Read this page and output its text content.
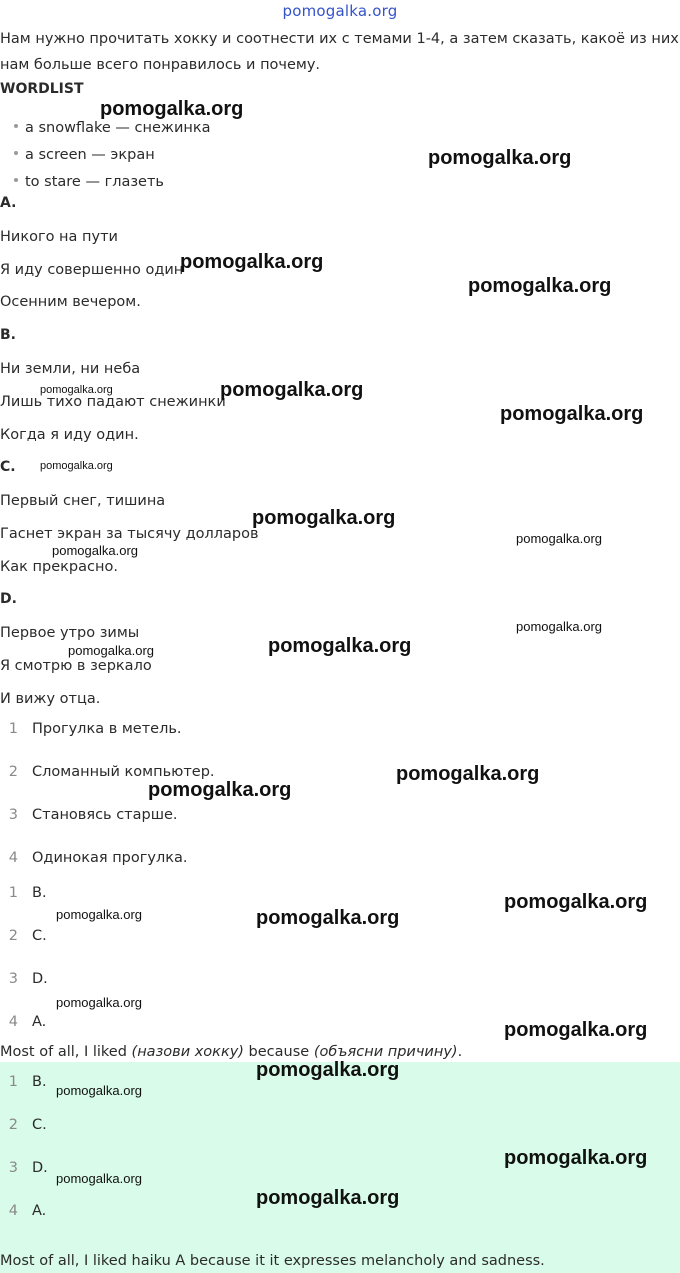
pomogalka.org
Нам нужно прочитать хокку и соотнести их с темами 1-4, а затем сказать, какоё из них
нам больше всего понравилось и почему.
WORDLIST
a snowflake — снежинка
a screen — экран
to stare — глазеть
A.
Никого на пути
Я иду совершенно один
Осенним вечером.
B.
Ни земли, ни неба
Лишь тихо падают снежинки
Когда я иду один.
C.
Первый снег, тишина
Гаснет экран за тысячу долларов
Как прекрасно.
D.
Первое утро зимы
Я смотрю в зеркало
И вижу отца.
1 Прогулка в метель.
2 Сломанный компьютер.
3 Становясь старше.
4 Одинокая прогулка.
1 B.
2 C.
3 D.
4 A.
Most of all, I liked (назови хокку) because (объясни причину).
1 B.
2 C.
3 D.
4 A.
Most of all, I liked haiku A because it it expresses melancholy and sadness.
pomogalka.org
pomogalka.org
pomogalka.org
pomogalka.org
pomogalka.org	pomogalka.org
pomogalka.org
pomogalka.org
pomogalka.org
pomogalka.org
pomogalka.org
pomogalka.org
pomogalka.org
pomogalka.org
pomogalka.org
pomogalka.org
pomogalka.org
pomogalka.org	pomogalka.org
pomogalka.org
pomogalka.org
pomogalka.org
pomogalka.org
pomogalka.org
pomogalka.org
pomogalka.org
